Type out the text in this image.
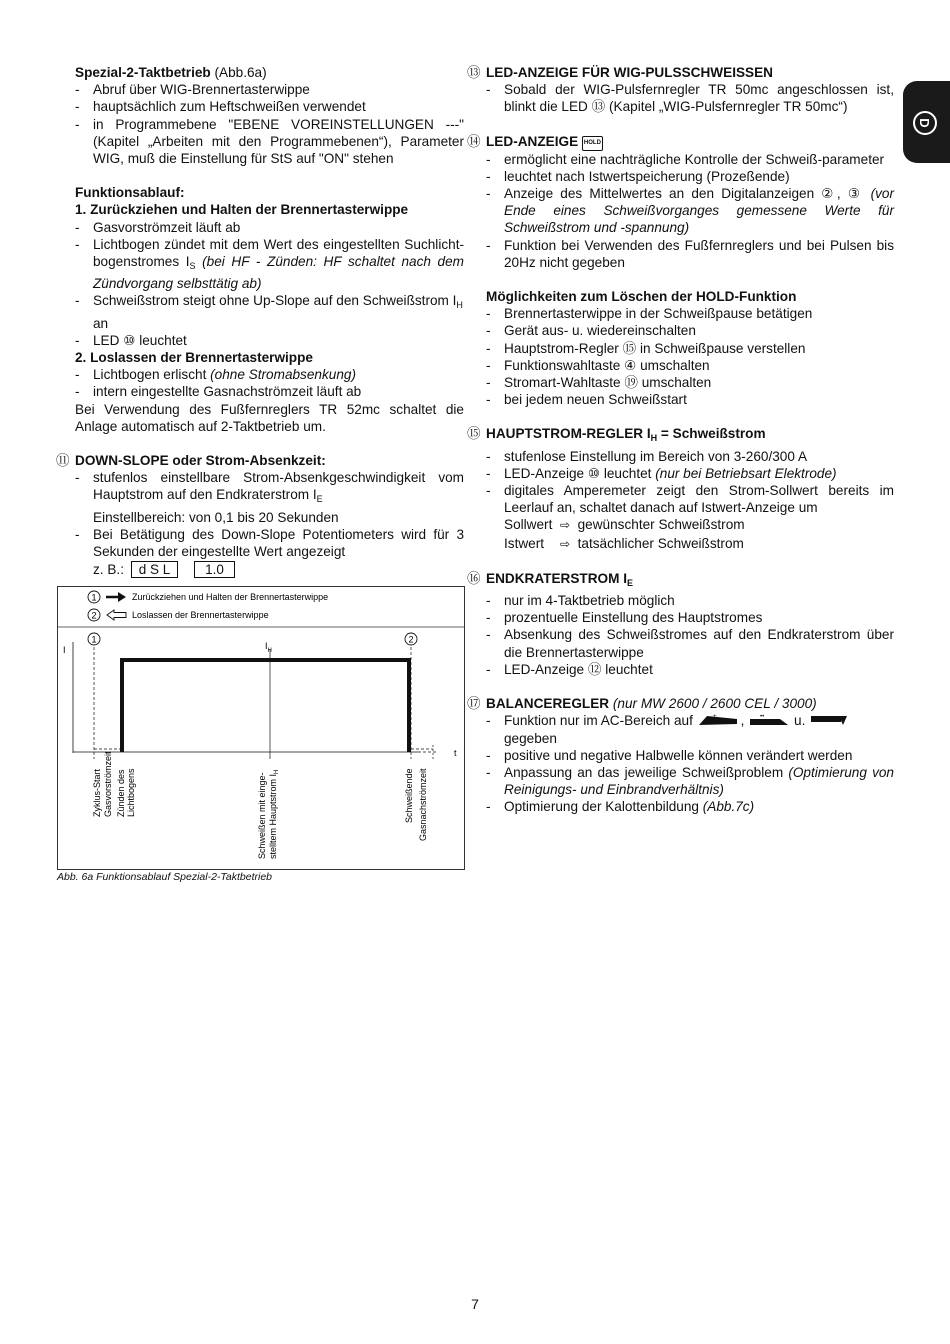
D
Spezial-2-Taktbetrieb (Abb.6a)
- Abruf über WIG-Brennertasterwippe
- hauptsächlich zum Heftschweißen verwendet
- in Programmebene "EBENE VOREINSTELLUNGEN ---" (Kapitel „Arbeiten mit den Programmebenen“), Parameter WIG, muß die Einstellung für StS auf "ON" stehen
Funktionsablauf:
1. Zurückziehen und Halten der Brennertasterwippe
- Gasvorströmzeit läuft ab
- Lichtbogen zündet mit dem Wert des eingestellten Suchlicht-bogenstromes $I_S$ (bei HF - Zünden: HF schaltet nach dem Zündvorgang selbsttätig ab)
- Schweißstrom steigt ohne Up-Slope auf den Schweißstrom $I_H$ an
- LED ⑩ leuchtet
2. Loslassen der Brennertasterwippe
- Lichtbogen erlischt (ohne Stromabsenkung)
- intern eingestellte Gasnachströmzeit läuft ab
Bei Verwendung des Fußfernreglers TR 52mc schaltet die Anlage automatisch auf 2-Taktbetrieb um.
⑪ DOWN-SLOPE oder Strom-Absenkzeit:
- stufenlos einstellbare Strom-Absenkgeschwindigkeit vom Hauptstrom auf den Endkraterstrom $I_E$
Einstellbereich: von 0,1 bis 20 Sekunden
- Bei Betätigung des Down-Slope Potentiometers wird für 3 Sekunden der eingestellte Wert angezeigt
z. B.: d S L	1.0
1	Zurückziehen und Halten der Brennertasterwippe
2	Loslassen der Brennertasterwippe
I
t
1	2
$I_H$
Zyklus-Start Gasvorströmzeit Zünden des Lichtbogens	Schweißen mit einge- stelltem Hauptstrom $I_H$	Schweißende Gasnachströmzeit
Abb. 6a Funktionsablauf Spezial-2-Taktbetrieb
⑬ LED-ANZEIGE FÜR WIG-PULSSCHWEISSEN
- Sobald der WIG-Pulsfernregler TR 50mc angeschlossen ist, blinkt die LED ⑬ (Kapitel „WIG-Pulsfernregler TR 50mc“)
⑭ LED-ANZEIGE HOLD
- ermöglicht eine nachträgliche Kontrolle der Schweiß-parameter
- leuchtet nach Istwertspeicherung (Prozeßende)
- Anzeige des Mittelwertes an den Digitalanzeigen ②, ③ (vor Ende eines Schweißvorganges gemessene Werte für Schweißstrom und -spannung)
- Funktion bei Verwenden des Fußfernreglers und bei Pulsen bis 20Hz nicht gegeben
Möglichkeiten zum Löschen der HOLD-Funktion
- Brennertasterwippe in der Schweißpause betätigen
- Gerät aus- u. wiedereinschalten
- Hauptstrom-Regler ⑮ in Schweißpause verstellen
- Funktionswahltaste ④ umschalten
- Stromart-Wahltaste ⑲ umschalten
- bei jedem neuen Schweißstart
⑮ HAUPTSTROM-REGLER $I_H$ = Schweißstrom
- stufenlose Einstellung im Bereich von 3-260/300 A
- LED-Anzeige ⑩ leuchtet (nur bei Betriebsart Elektrode)
- digitales Amperemeter zeigt den Strom-Sollwert bereits im Leerlauf an, schaltet danach auf Istwert-Anzeige um
Sollwert ⇨ gewünschter Schweißstrom
Istwert ⇨ tatsächlicher Schweißstrom
⑯ ENDKRATERSTROM $I_E$
- nur im 4-Taktbetrieb möglich
- prozentuelle Einstellung des Hauptstromes
- Absenkung des Schweißstromes auf den Endkraterstrom über die Brennertasterwippe
- LED-Anzeige ⑫ leuchtet
⑰ BALANCEREGLER (nur MW 2600 / 2600 CEL / 3000)
- Funktion nur im AC-Bereich auf	+ ,	•• u.
gegeben
- positive und negative Halbwelle können verändert werden
- Anpassung an das jeweilige Schweißproblem (Optimierung von Reinigungs- und Einbrandverhältnis)
- Optimierung der Kalottenbildung (Abb.7c)
7
